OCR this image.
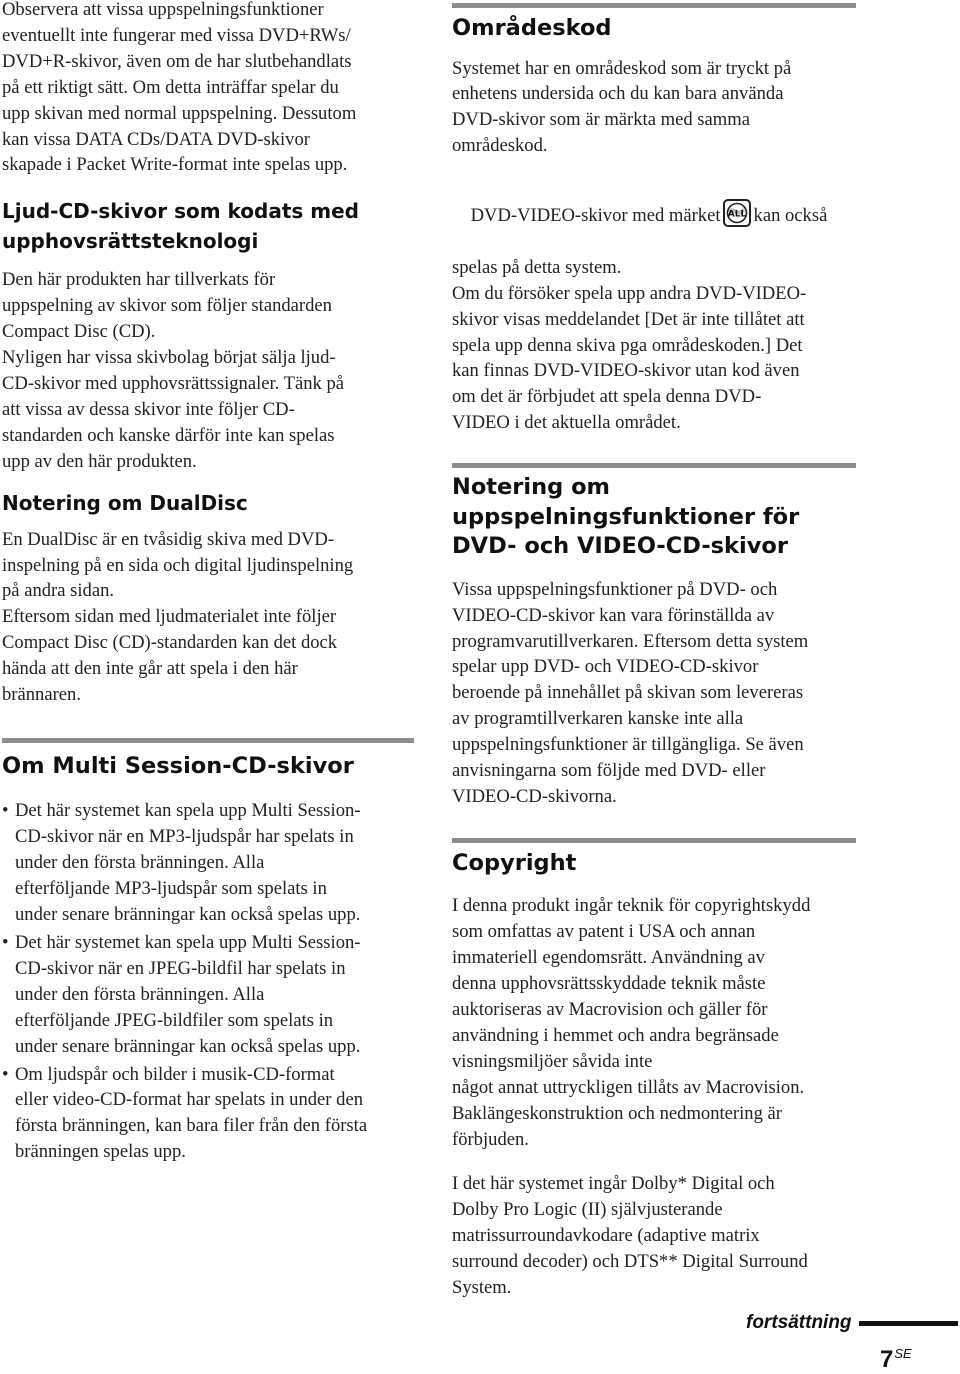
Observera att vissa uppspelningsfunktioner
eventuellt inte fungerar med vissa DVD+RWs/
DVD+R-skivor, även om de har slutbehandlats
på ett riktigt sätt. Om detta inträffar spelar du
upp skivan med normal uppspelning. Dessutom
kan vissa DATA CDs/DATA DVD-skivor
skapade i Packet Write-format inte spelas upp.
Ljud-CD-skivor som kodats med
upphovsrättsteknologi
Den här produkten har tillverkats för
uppspelning av skivor som följer standarden
Compact Disc (CD).
Nyligen har vissa skivbolag börjat sälja ljud-
CD-skivor med upphovsrättssignaler. Tänk på
att vissa av dessa skivor inte följer CD-
standarden och kanske därför inte kan spelas
upp av den här produkten.
Notering om DualDisc
En DualDisc är en tvåsidig skiva med DVD-
inspelning på en sida och digital ljudinspelning
på andra sidan.
Eftersom sidan med ljudmaterialet inte följer
Compact Disc (CD)-standarden kan det dock
hända att den inte går att spela i den här
brännaren.
Om Multi Session-CD-skivor
• Det här systemet kan spela upp Multi Session-
CD-skivor när en MP3-ljudspår har spelats in
under den första bränningen. Alla
efterföljande MP3-ljudspår som spelats in
under senare bränningar kan också spelas upp.
• Det här systemet kan spela upp Multi Session-
CD-skivor när en JPEG-bildfil har spelats in
under den första bränningen. Alla
efterföljande JPEG-bildfiler som spelats in
under senare bränningar kan också spelas upp.
• Om ljudspår och bilder i musik-CD-format
eller video-CD-format har spelats in under den
första bränningen, kan bara filer från den första
bränningen spelas upp.
Områdeskod
Systemet har en områdeskod som är tryckt på
enhetens undersida och du kan bara använda
DVD-skivor som är märkta med samma
områdeskod.

DVD-VIDEO-skivor med märket ALL kan också

spelas på detta system.
Om du försöker spela upp andra DVD-VIDEO-
skivor visas meddelandet [Det är inte tillåtet att
spela upp denna skiva pga områdeskoden.] Det
kan finnas DVD-VIDEO-skivor utan kod även
om det är förbjudet att spela denna DVD-
VIDEO i det aktuella området.
Notering om
uppspelningsfunktioner för
DVD- och VIDEO-CD-skivor
Vissa uppspelningsfunktioner på DVD- och
VIDEO-CD-skivor kan vara förinställda av
programvarutillverkaren. Eftersom detta system
spelar upp DVD- och VIDEO-CD-skivor
beroende på innehållet på skivan som levereras
av programtillverkaren kanske inte alla
uppspelningsfunktioner är tillgängliga. Se även
anvisningarna som följde med DVD- eller
VIDEO-CD-skivorna.
Copyright
I denna produkt ingår teknik för copyrightskydd
som omfattas av patent i USA och annan
immateriell egendomsrätt. Användning av
denna upphovsrättsskyddade teknik måste
auktoriseras av Macrovision och gäller för
användning i hemmet och andra begränsade
visningsmiljöer såvida inte
något annat uttryckligen tillåts av Macrovision.
Baklängeskonstruktion och nedmontering är
förbjuden.
I det här systemet ingår Dolby* Digital och
Dolby Pro Logic (II) självjusterande
matrissurroundavkodare (adaptive matrix
surround decoder) och DTS** Digital Surround
System.
fortsättning
$7^{SE}$
